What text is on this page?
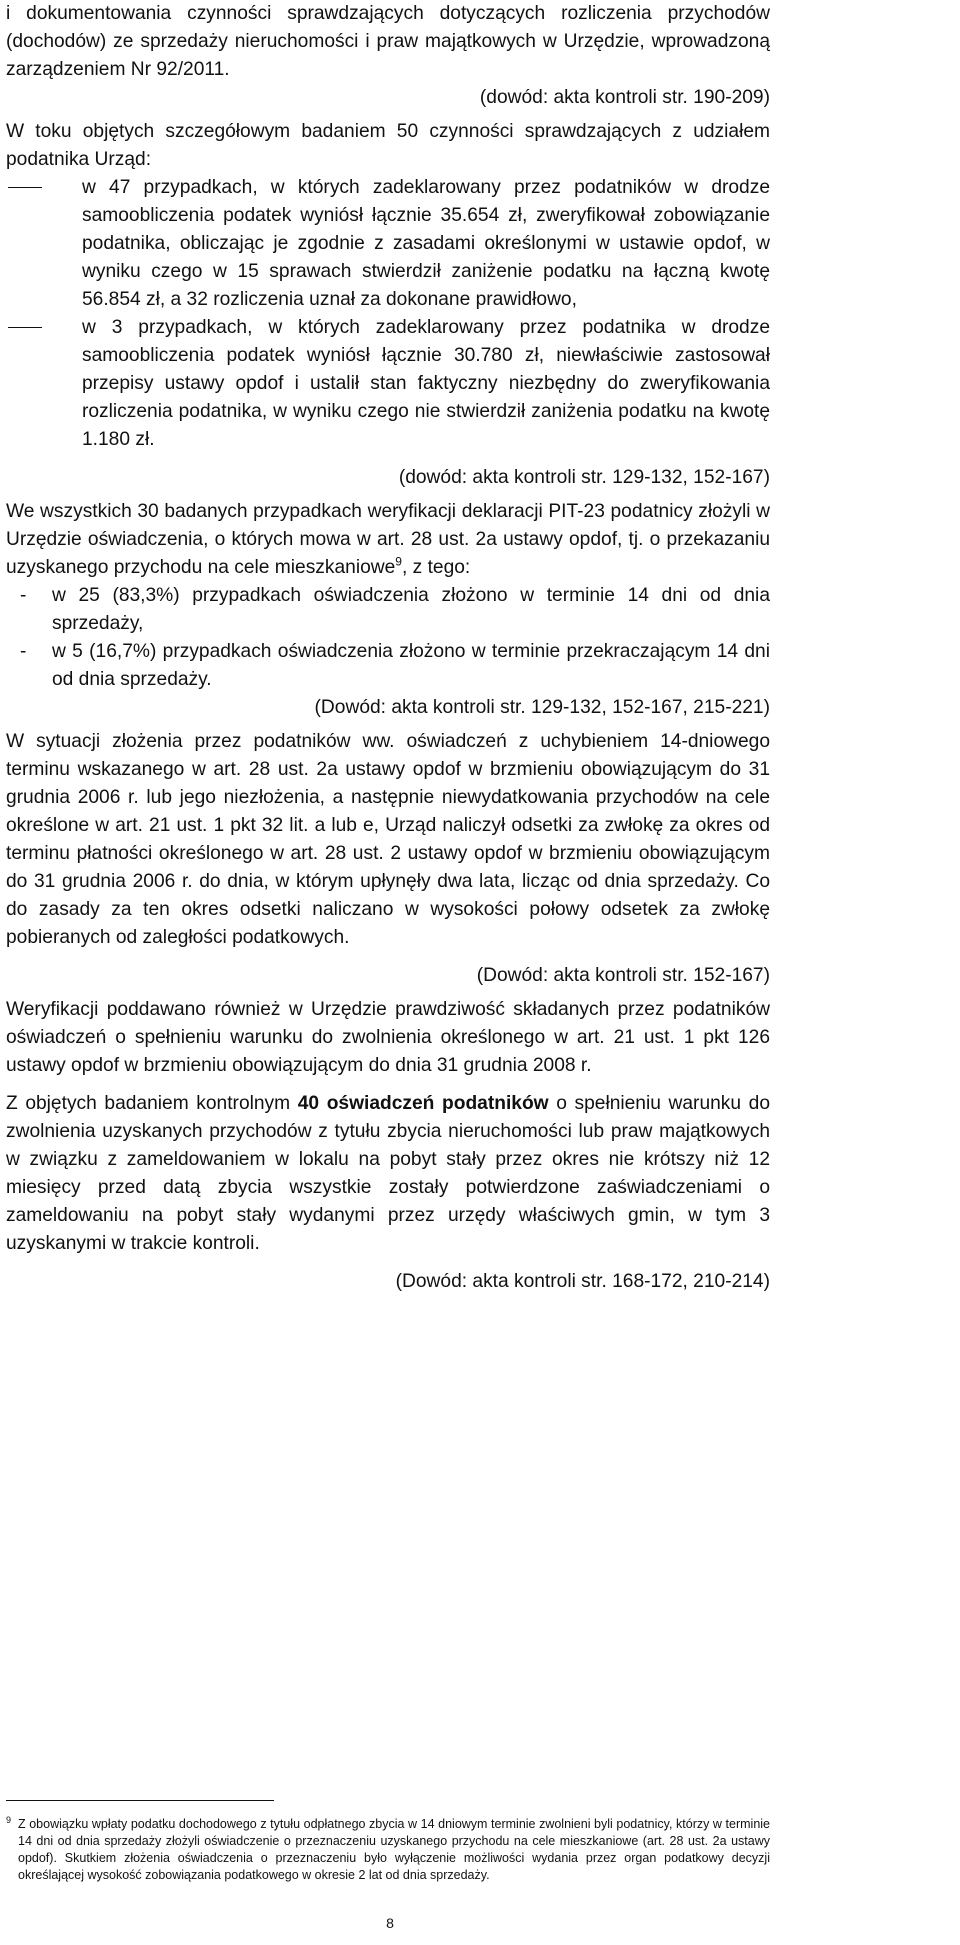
i dokumentowania czynności sprawdzających dotyczących rozliczenia przychodów (dochodów) ze sprzedaży nieruchomości i praw majątkowych w Urzędzie, wprowadzoną zarządzeniem Nr 92/2011.

(dowód: akta kontroli str. 190-209)

W toku objętych szczegółowym badaniem 50 czynności sprawdzających z udziałem podatnika Urząd:

w 47 przypadkach, w których zadeklarowany przez podatników w drodze samoobliczenia podatek wyniósł łącznie 35.654 zł, zweryfikował zobowiązanie podatnika, obliczając je zgodnie z zasadami określonymi w ustawie opdof, w wyniku czego w 15 sprawach stwierdził zaniżenie podatku na łączną kwotę 56.854 zł, a 32 rozliczenia uznał za dokonane prawidłowo,
w 3 przypadkach, w których zadeklarowany przez podatnika w drodze samoobliczenia podatek wyniósł łącznie 30.780 zł, niewłaściwie zastosował przepisy ustawy opdof i ustalił stan faktyczny niezbędny do zweryfikowania rozliczenia podatnika, w wyniku czego nie stwierdził zaniżenia podatku na kwotę 1.180 zł.

(dowód: akta kontroli str. 129-132, 152-167)

We wszystkich 30 badanych przypadkach weryfikacji deklaracji PIT-23 podatnicy złożyli w Urzędzie oświadczenia, o których mowa w art. 28 ust. 2a ustawy opdof, tj. o przekazaniu uzyskanego przychodu na cele mieszkaniowe$^9$, z tego:

- w 25 (83,3%) przypadkach oświadczenia złożono w terminie 14 dni od dnia sprzedaży,
- w 5 (16,7%) przypadkach oświadczenia złożono w terminie przekraczającym 14 dni od dnia sprzedaży.

(Dowód: akta kontroli str. 129-132, 152-167, 215-221)

W sytuacji złożenia przez podatników ww. oświadczeń z uchybieniem 14-dniowego terminu wskazanego w art. 28 ust. 2a ustawy opdof w brzmieniu obowiązującym do 31 grudnia 2006 r. lub jego niezłożenia, a następnie niewydatkowania przychodów na cele określone w art. 21 ust. 1 pkt 32 lit. a lub e, Urząd naliczył odsetki za zwłokę za okres od terminu płatności określonego w art. 28 ust. 2 ustawy opdof w brzmieniu obowiązującym do 31 grudnia 2006 r. do dnia, w którym upłynęły dwa lata, licząc od dnia sprzedaży. Co do zasady za ten okres odsetki naliczano w wysokości połowy odsetek za zwłokę pobieranych od zaległości podatkowych.

(Dowód: akta kontroli str. 152-167)

Weryfikacji poddawano również w Urzędzie prawdziwość składanych przez podatników oświadczeń o spełnieniu warunku do zwolnienia określonego w art. 21 ust. 1 pkt 126 ustawy opdof w brzmieniu obowiązującym do dnia 31 grudnia 2008 r.

Z objętych badaniem kontrolnym 40 oświadczeń podatników o spełnieniu warunku do zwolnienia uzyskanych przychodów z tytułu zbycia nieruchomości lub praw majątkowych w związku z zameldowaniem w lokalu na pobyt stały przez okres nie krótszy niż 12 miesięcy przed datą zbycia wszystkie zostały potwierdzone zaświadczeniami o zameldowaniu na pobyt stały wydanymi przez urzędy właściwych gmin, w tym 3 uzyskanymi w trakcie kontroli.

(Dowód: akta kontroli str. 168-172, 210-214)

$^9$ Z obowiązku wpłaty podatku dochodowego z tytułu odpłatnego zbycia w 14 dniowym terminie zwolnieni byli podatnicy, którzy w terminie 14 dni od dnia sprzedaży złożyli oświadczenie o przeznaczeniu uzyskanego przychodu na cele mieszkaniowe (art. 28 ust. 2a ustawy opdof). Skutkiem złożenia oświadczenia o przeznaczeniu było wyłączenie możliwości wydania przez organ podatkowy decyzji określającej wysokość zobowiązania podatkowego w okresie 2 lat od dnia sprzedaży.
8
